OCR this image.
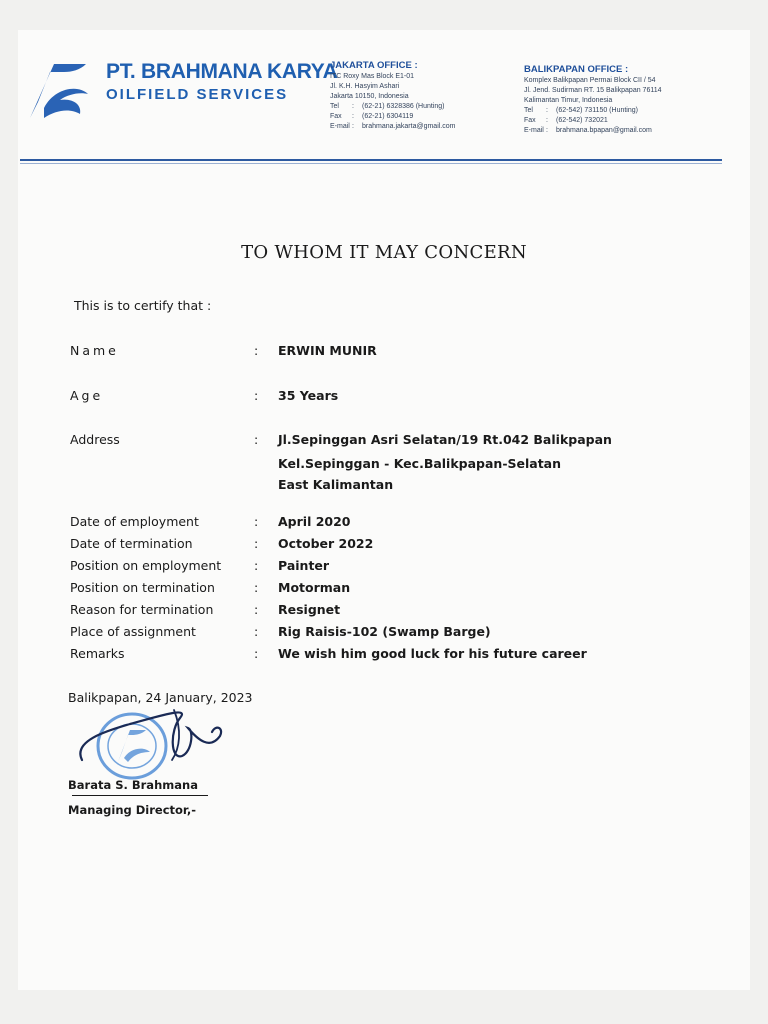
PT. BRAHMANA KARYA
OILFIELD SERVICES
JAKARTA OFFICE :
ITC Roxy Mas Block E1-01
Jl. K.H. Hasyim Ashari
Jakarta 10150, Indonesia
Tel : (62-21) 6328386 (Hunting)
Fax : (62-21) 6304119
E-mail : brahmana.jakarta@gmail.com
BALIKPAPAN OFFICE :
Komplex Balikpapan Permai Block CII / 54
Jl. Jend. Sudirman RT. 15 Balikpapan 76114
Kalimantan Timur, Indonesia
Tel : (62-542) 731150 (Hunting)
Fax : (62-542) 732021
E-mail : brahmana.bpapan@gmail.com
TO WHOM IT MAY CONCERN
This is to certify that :
Name	: ERWIN MUNIR
Age	: 35 Years
Address	: Jl.Sepinggan Asri Selatan/19 Rt.042 Balikpapan
Kel.Sepinggan - Kec.Balikpapan-Selatan
East Kalimantan
Date of employment	: April 2020
Date of termination	: October 2022
Position on employment	: Painter
Position on termination	: Motorman
Reason for termination	: Resignet
Place of assignment	: Rig Raisis-102 (Swamp Barge)
Remarks	: We wish him good luck for his future career
Balikpapan, 24 January, 2023
Barata S. Brahmana
Managing Director,-
